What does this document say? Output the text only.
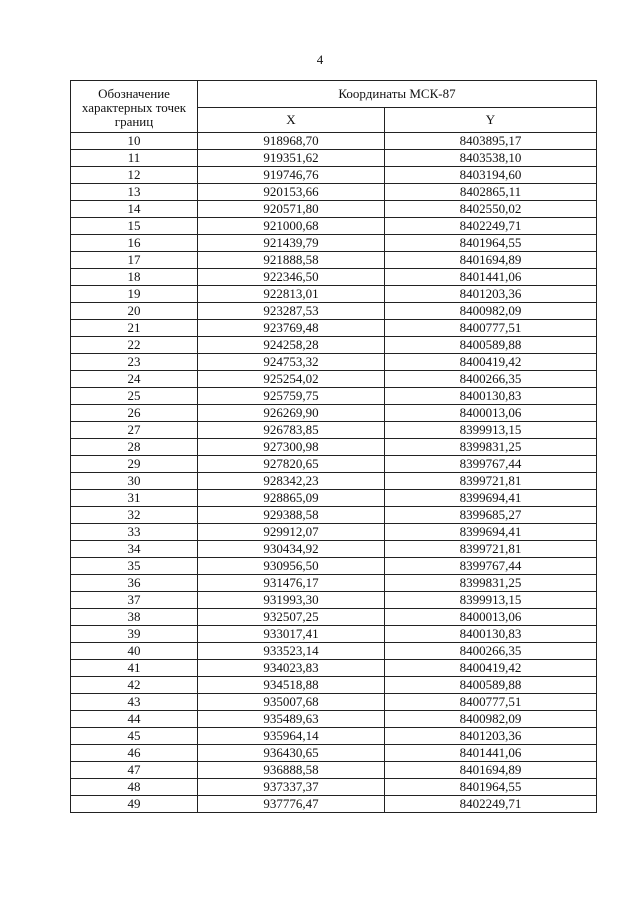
4
Обозначение характерных точек границ	Координаты МСК-87	
	X	Y
10	918968,70	8403895,17
11	919351,62	8403538,10
12	919746,76	8403194,60
13	920153,66	8402865,11
14	920571,80	8402550,02
15	921000,68	8402249,71
16	921439,79	8401964,55
17	921888,58	8401694,89
18	922346,50	8401441,06
19	922813,01	8401203,36
20	923287,53	8400982,09
21	923769,48	8400777,51
22	924258,28	8400589,88
23	924753,32	8400419,42
24	925254,02	8400266,35
25	925759,75	8400130,83
26	926269,90	8400013,06
27	926783,85	8399913,15
28	927300,98	8399831,25
29	927820,65	8399767,44
30	928342,23	8399721,81
31	928865,09	8399694,41
32	929388,58	8399685,27
33	929912,07	8399694,41
34	930434,92	8399721,81
35	930956,50	8399767,44
36	931476,17	8399831,25
37	931993,30	8399913,15
38	932507,25	8400013,06
39	933017,41	8400130,83
40	933523,14	8400266,35
41	934023,83	8400419,42
42	934518,88	8400589,88
43	935007,68	8400777,51
44	935489,63	8400982,09
45	935964,14	8401203,36
46	936430,65	8401441,06
47	936888,58	8401694,89
48	937337,37	8401964,55
49	937776,47	8402249,71
